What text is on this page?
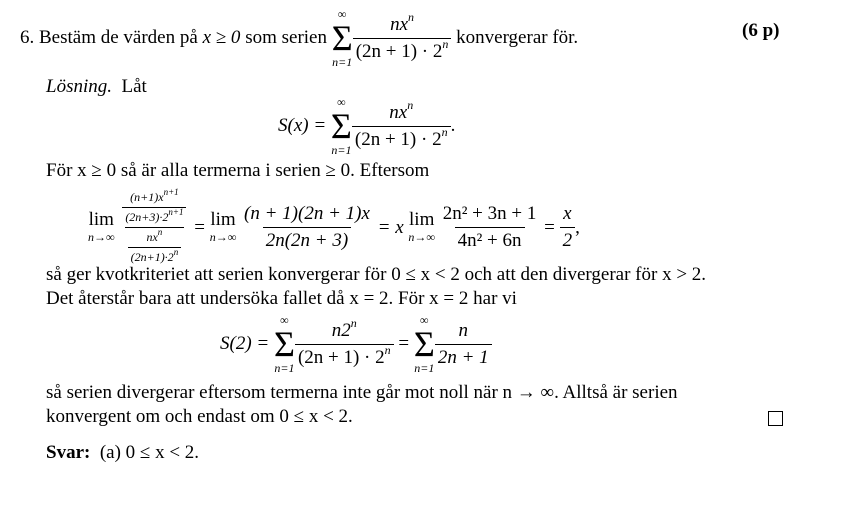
6.
Bestäm de värden på
x ≥ 0
som serien

∞
Σ
$n=1 \frac{nx^n}{(2n + 1) \cdot 2^n}$
konvergerar för.	(6 p)
Lösning. Låt
S(x) =

∞
Σ
$n=1 \frac{nx^n}{(2n + 1) \cdot 2^n}$ .
För x ≥ 0 så är alla termerna i serien ≥ 0. Eftersom
lim
n→∞
$\frac{\frac{(n+1)x^{n+1}}{(2n+3)\cdot 2^{n+1}}}{\frac{nx^n}{(2n+1)\cdot 2^n}}$
=
lim
n→∞
$\frac{(n + 1)(2n + 1)x}{2n(2n + 3)}$
= x
lim
n→∞
$\frac{\text{2n² + 3n + 1}}{\text{4n² + 6n}}$
=
$\frac{x}{2}$ ,
så ger kvotkriteriet att serien konvergerar för 0 ≤ x < 2 och att den divergerar för x > 2.
Det återstår bara att undersöka fallet då x = 2. För x = 2 har vi
S(2) =

∞
Σ
$n=1 \frac{n2^n}{(2n + 1) \cdot 2^n}$
=

∞
Σ
$n=1 \frac{n}{2n + 1}$
så serien divergerar eftersom termerna inte går mot noll när n → ∞. Alltså är serien
konvergent om och endast om 0 ≤ x < 2.
Svar: (a) 0 ≤ x < 2.
